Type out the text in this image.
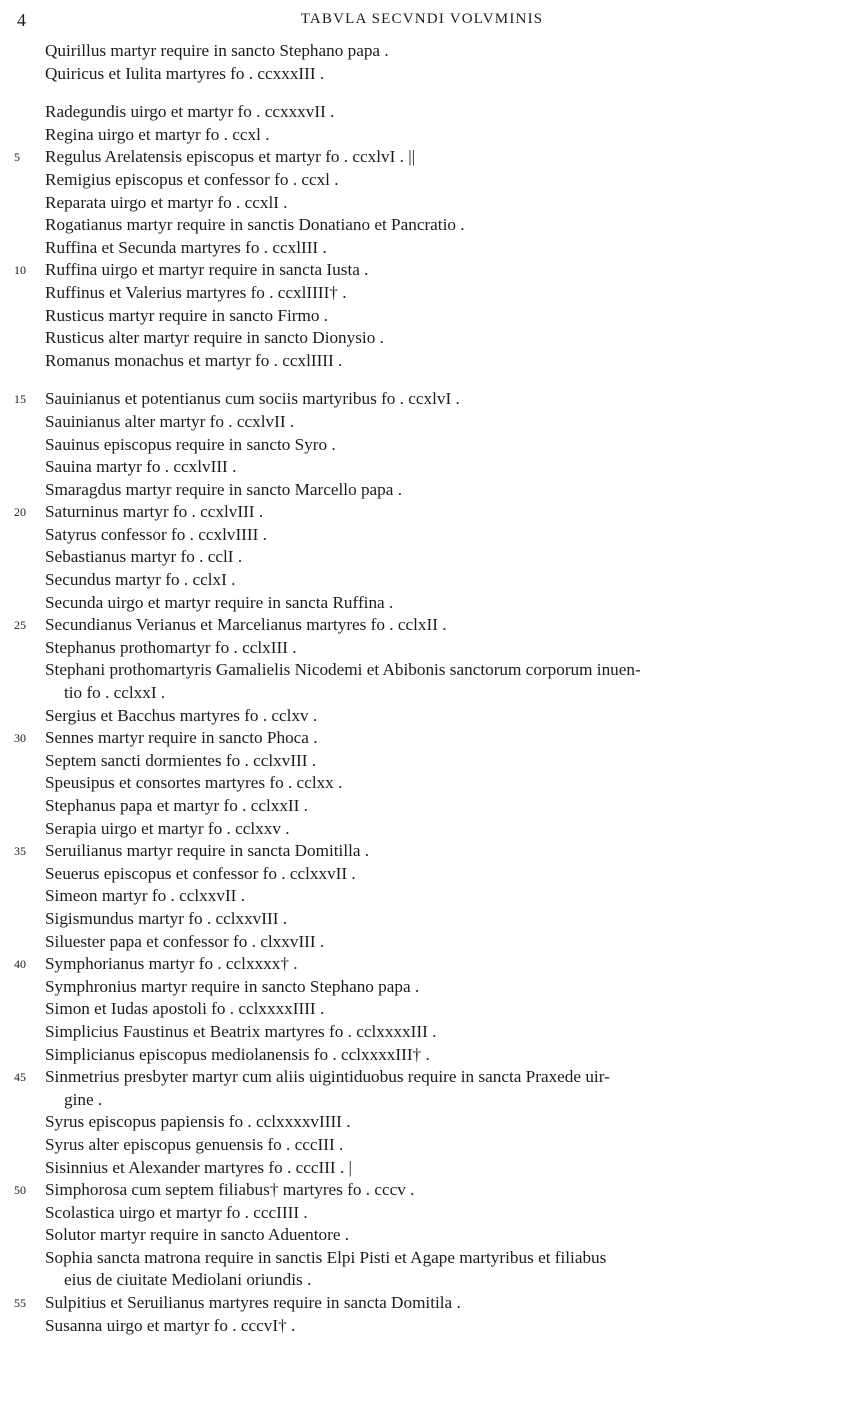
4	TABVLA SECVNDI VOLVMINIS
Quirillus martyr require in sancto Stephano papa .
Quiricus et Iulita martyres fo . ccxxxIII .
Radegundis uirgo et martyr fo . ccxxxvII .
Regina uirgo et martyr fo . ccxl .
5	Regulus Arelatensis episcopus et martyr fo . ccxlvI . ||
Remigius episcopus et confessor fo . ccxl .
Reparata uirgo et martyr fo . ccxlI .
Rogatianus martyr require in sanctis Donatiano et Pancratio .
Ruffina et Secunda martyres fo . ccxlIII .
10	Ruffina uirgo et martyr require in sancta Iusta .
Ruffinus et Valerius martyres fo . ccxlIIII† .
Rusticus martyr require in sancto Firmo .
Rusticus alter martyr require in sancto Dionysio .
Romanus monachus et martyr fo . ccxlIIII .
15	Sauinianus et potentianus cum sociis martyribus fo . ccxlvI .
Sauinianus alter martyr fo . ccxlvII .
Sauinus episcopus require in sancto Syro .
Sauina martyr fo . ccxlvIII .
Smaragdus martyr require in sancto Marcello papa .
20	Saturninus martyr fo . ccxlvIII .
Satyrus confessor fo . ccxlvIIII .
Sebastianus martyr fo . cclI .
Secundus martyr fo . cclxI .
Secunda uirgo et martyr require in sancta Ruffina .
25	Secundianus Verianus et Marcelianus martyres fo . cclxII .
Stephanus prothomartyr fo . cclxIII .
Stephani prothomartyris Gamalielis Nicodemi et Abibonis sanctorum corporum inuen-
tio fo . cclxxI .
Sergius et Bacchus martyres fo . cclxv .
30	Sennes martyr require in sancto Phoca .
Septem sancti dormientes fo . cclxvIII .
Speusipus et consortes martyres fo . cclxx .
Stephanus papa et martyr fo . cclxxII .
Serapia uirgo et martyr fo . cclxxv .
35	Seruilianus martyr require in sancta Domitilla .
Seuerus episcopus et confessor fo . cclxxvII .
Simeon martyr fo . cclxxvII .
Sigismundus martyr fo . cclxxvIII .
Siluester papa et confessor fo . clxxvIII .
40	Symphorianus martyr fo . cclxxxx† .
Symphronius martyr require in sancto Stephano papa .
Simon et Iudas apostoli fo . cclxxxxIIII .
Simplicius Faustinus et Beatrix martyres fo . cclxxxxIII .
Simplicianus episcopus mediolanensis fo . cclxxxxIII† .
45	Sinmetrius presbyter martyr cum aliis uigintiduobus require in sancta Praxede uir-
gine .
Syrus episcopus papiensis fo . cclxxxxvIIII .
Syrus alter episcopus genuensis fo . cccIII .
Sisinnius et Alexander martyres fo . cccIII . |
50	Simphorosa cum septem filiabus† martyres fo . cccv .
Scolastica uirgo et martyr fo . cccIIII .
Solutor martyr require in sancto Aduentore .
Sophia sancta matrona require in sanctis Elpi Pisti et Agape martyribus et filiabus
eius de ciuitate Mediolani oriundis .
55	Sulpitius et Seruilianus martyres require in sancta Domitila .
Susanna uirgo et martyr fo . cccvI† .
